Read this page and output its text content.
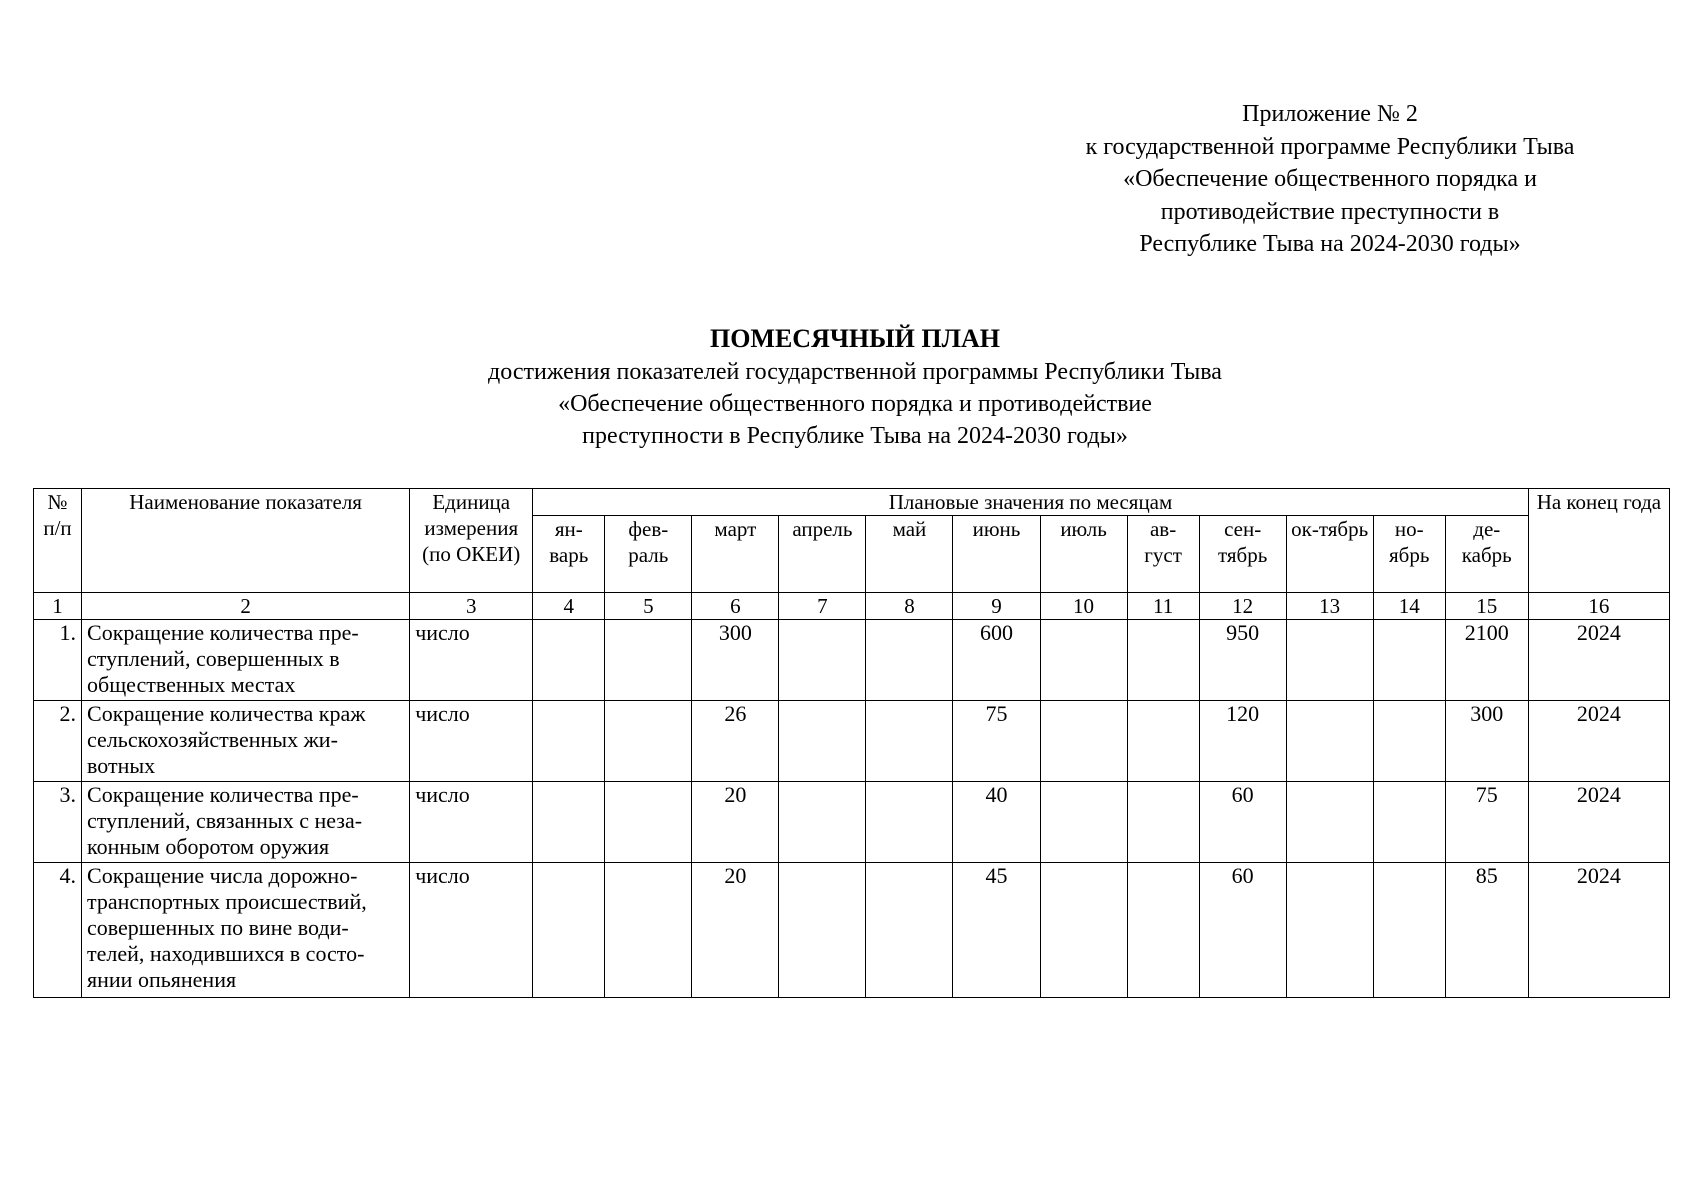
Приложение № 2
к государственной программе Республики Тыва
«Обеспечение общественного порядка и
противодействие преступности в
Республике Тыва на 2024-2030 годы»
ПОМЕСЯЧНЫЙ ПЛАН
достижения показателей государственной программы Республики Тыва
«Обеспечение общественного порядка и противодействие
преступности в Республике Тыва на 2024-2030 годы»
№ п/п	Наименование показателя	Единица измерения (по ОКЕИ)	Плановые значения по месяцам												На конец года
			ян-варь	фев-раль	март	апрель	май	июнь	июль	ав-густ	сен-тябрь	ок-тябрь	но-ябрь	де-кабрь	
1	2	3	4	5	6	7	8	9	10	11	12	13	14	15	16
1.	Сокращение количества пре-ступлений, совершенных в общественных местах	число			300			600			950			2100	2024
2.	Сокращение количества краж сельскохозяйственных жи-вотных	число			26			75			120			300	2024
3.	Сокращение количества пре-ступлений, связанных с неза-конным оборотом оружия	число			20			40			60			75	2024
4.	Сокращение числа дорожно-транспортных происшествий, совершенных по вине води-телей, находившихся в состо-янии опьянения	число			20			45			60			85	2024
